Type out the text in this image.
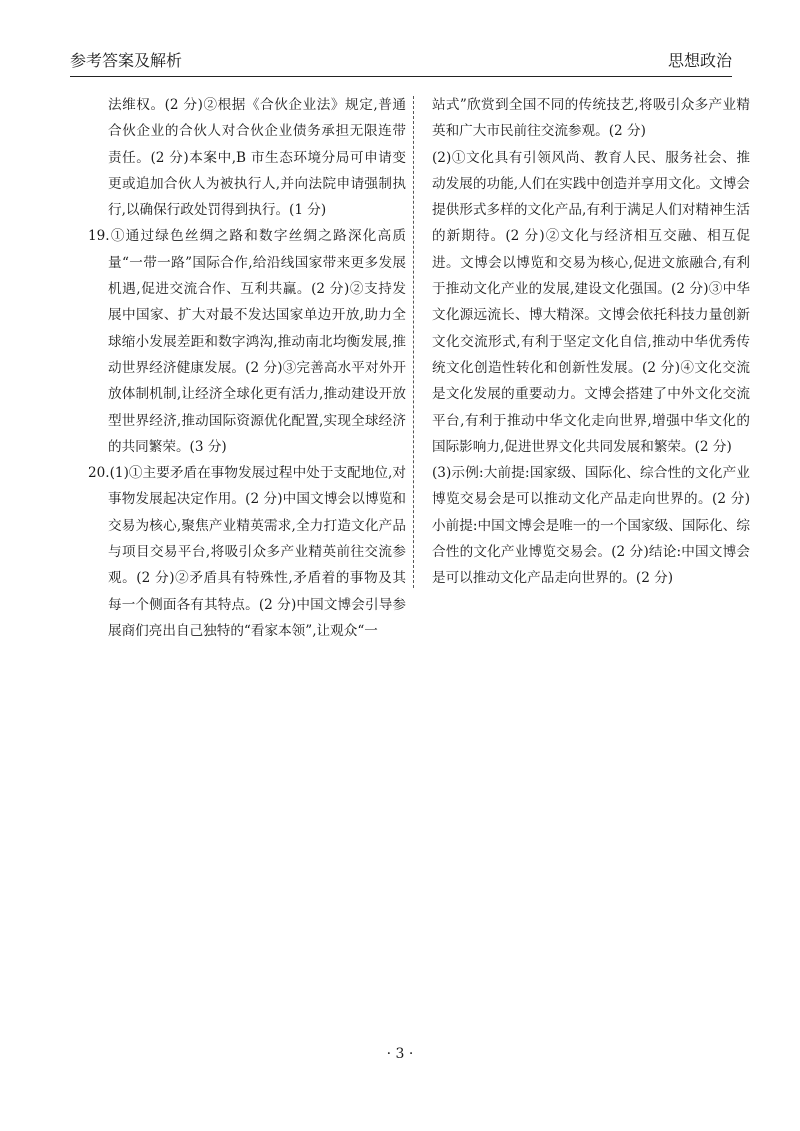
参考答案及解析	思想政治

法维权。(2 分)②根据《合伙企业法》规定,普通合伙企业的合伙人对合伙企业债务承担无限连带责任。(2 分)本案中,B 市生态环境分局可申请变更或追加合伙人为被执行人,并向法院申请强制执行,以确保行政处罚得到执行。(1 分)

19.①通过绿色丝绸之路和数字丝绸之路深化高质量“一带一路”国际合作,给沿线国家带来更多发展机遇,促进交流合作、互利共赢。(2 分)②支持发展中国家、扩大对最不发达国家单边开放,助力全球缩小发展差距和数字鸿沟,推动南北均衡发展,推动世界经济健康发展。(2 分)③完善高水平对外开放体制机制,让经济全球化更有活力,推动建设开放型世界经济,推动国际资源优化配置,实现全球经济的共同繁荣。(3 分)

20.(1)①主要矛盾在事物发展过程中处于支配地位,对事物发展起决定作用。(2 分)中国文博会以博览和交易为核心,聚焦产业精英需求,全力打造文化产品与项目交易平台,将吸引众多产业精英前往交流参观。(2 分)②矛盾具有特殊性,矛盾着的事物及其每一个侧面各有其特点。(2 分)中国文博会引导参展商们亮出自己独特的“看家本领”,让观众“一

站式”欣赏到全国不同的传统技艺,将吸引众多产业精英和广大市民前往交流参观。(2 分)

(2)①文化具有引领风尚、教育人民、服务社会、推动发展的功能,人们在实践中创造并享用文化。文博会提供形式多样的文化产品,有利于满足人们对精神生活的新期待。(2 分)②文化与经济相互交融、相互促进。文博会以博览和交易为核心,促进文旅融合,有利于推动文化产业的发展,建设文化强国。(2 分)③中华文化源远流长、博大精深。文博会依托科技力量创新文化交流形式,有利于坚定文化自信,推动中华优秀传统文化创造性转化和创新性发展。(2 分)④文化交流是文化发展的重要动力。文博会搭建了中外文化交流平台,有利于推动中华文化走向世界,增强中华文化的国际影响力,促进世界文化共同发展和繁荣。(2 分)

(3)示例:大前提:国家级、国际化、综合性的文化产业博览交易会是可以推动文化产品走向世界的。(2 分)小前提:中国文博会是唯一的一个国家级、国际化、综合性的文化产业博览交易会。(2 分)结论:中国文博会是可以推动文化产品走向世界的。(2 分)

· 3 ·
